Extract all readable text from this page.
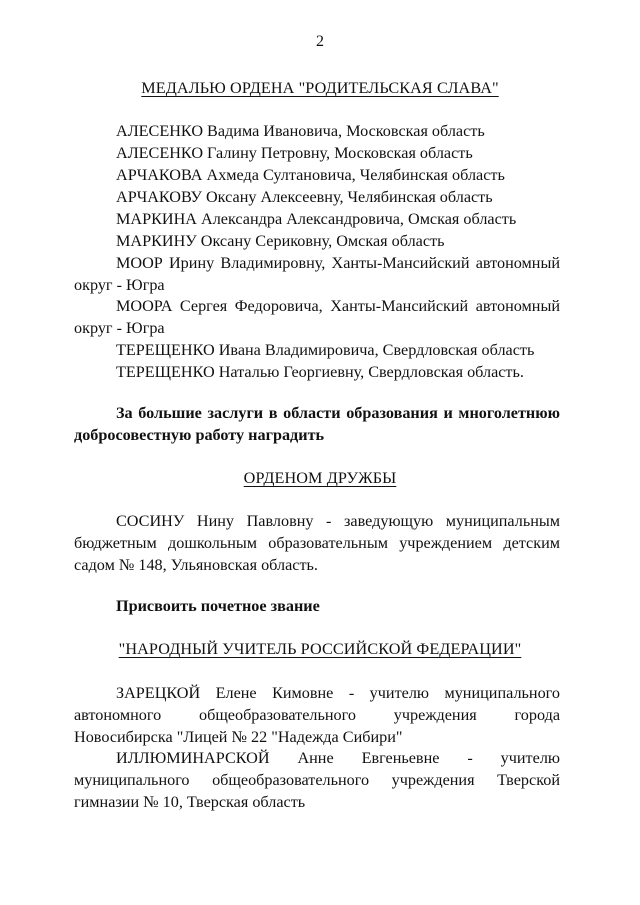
2
МЕДАЛЬЮ ОРДЕНА "РОДИТЕЛЬСКАЯ СЛАВА"
АЛЕСЕНКО Вадима Ивановича, Московская область
АЛЕСЕНКО Галину Петровну, Московская область
АРЧАКОВА Ахмеда Султановича, Челябинская область
АРЧАКОВУ Оксану Алексеевну, Челябинская область
МАРКИНА Александра Александровича, Омская область
МАРКИНУ Оксану Сериковну, Омская область
МООР Ирину Владимировну, Ханты-Мансийский автономный
округ - Югра
МООРА Сергея Федоровича, Ханты-Мансийский автономный
округ - Югра
ТЕРЕЩЕНКО Ивана Владимировича, Свердловская область
ТЕРЕЩЕНКО Наталью Георгиевну, Свердловская область.
За большие заслуги в области образования и многолетнюю
добросовестную работу наградить
ОРДЕНОМ ДРУЖБЫ
СОСИНУ Нину Павловну - заведующую муниципальным
бюджетным дошкольным образовательным учреждением детским
садом № 148, Ульяновская область.
Присвоить почетное звание
"НАРОДНЫЙ УЧИТЕЛЬ РОССИЙСКОЙ ФЕДЕРАЦИИ"
ЗАРЕЦКОЙ Елене Кимовне - учителю муниципального
автономного общеобразовательного учреждения города
Новосибирска "Лицей № 22 "Надежда Сибири"
ИЛЛЮМИНАРСКОЙ Анне Евгеньевне - учителю
муниципального общеобразовательного учреждения Тверской
гимназии № 10, Тверская область
